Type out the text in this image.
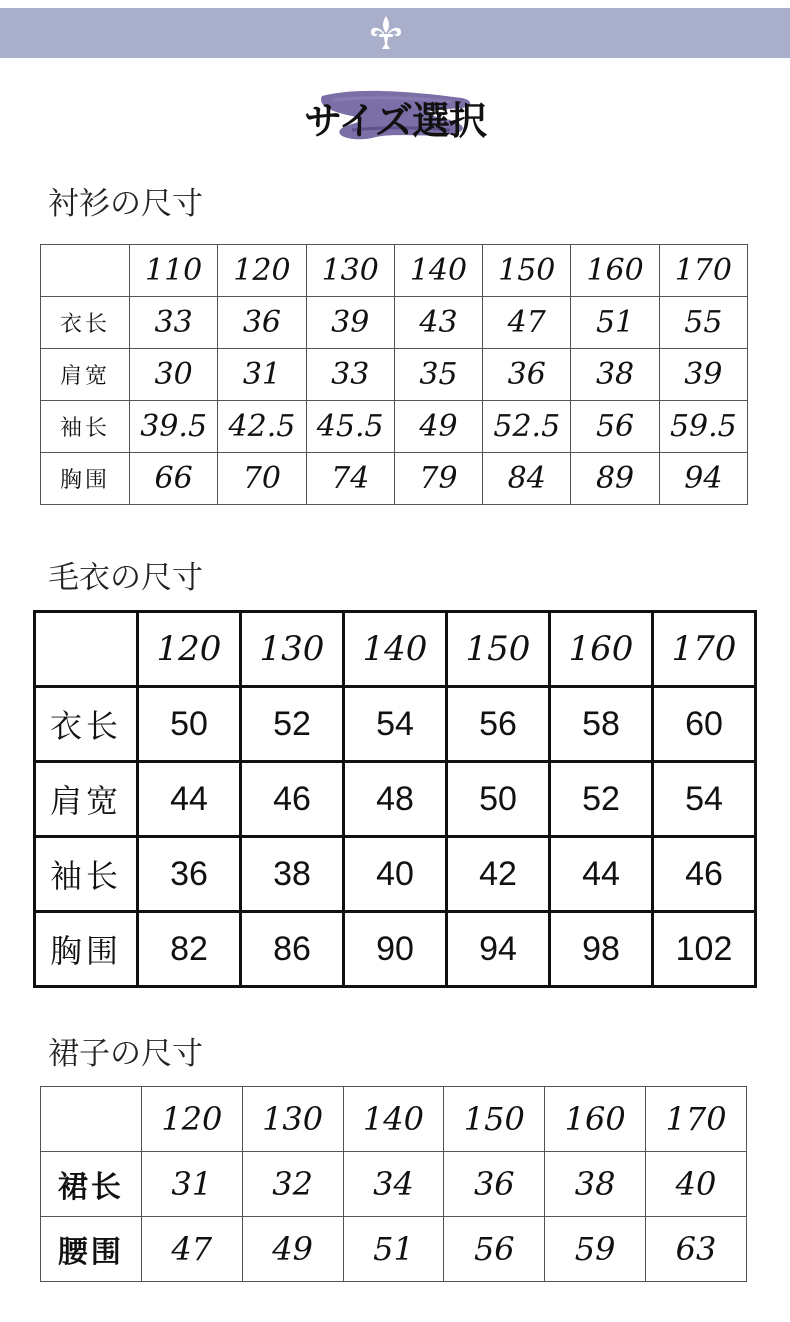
サイズ選択
衬衫の尺寸
	110	120	130	140	150	160	170
衣长	33	36	39	43	47	51	55
肩宽	30	31	33	35	36	38	39
袖长	39.5	42.5	45.5	49	52.5	56	59.5
胸围	66	70	74	79	84	89	94
毛衣の尺寸
	120	130	140	150	160	170
衣长	50	52	54	56	58	60
肩宽	44	46	48	50	52	54
袖长	36	38	40	42	44	46
胸围	82	86	90	94	98	102
裙子の尺寸
	120	130	140	150	160	170
裙长	31	32	34	36	38	40
腰围	47	49	51	56	59	63
